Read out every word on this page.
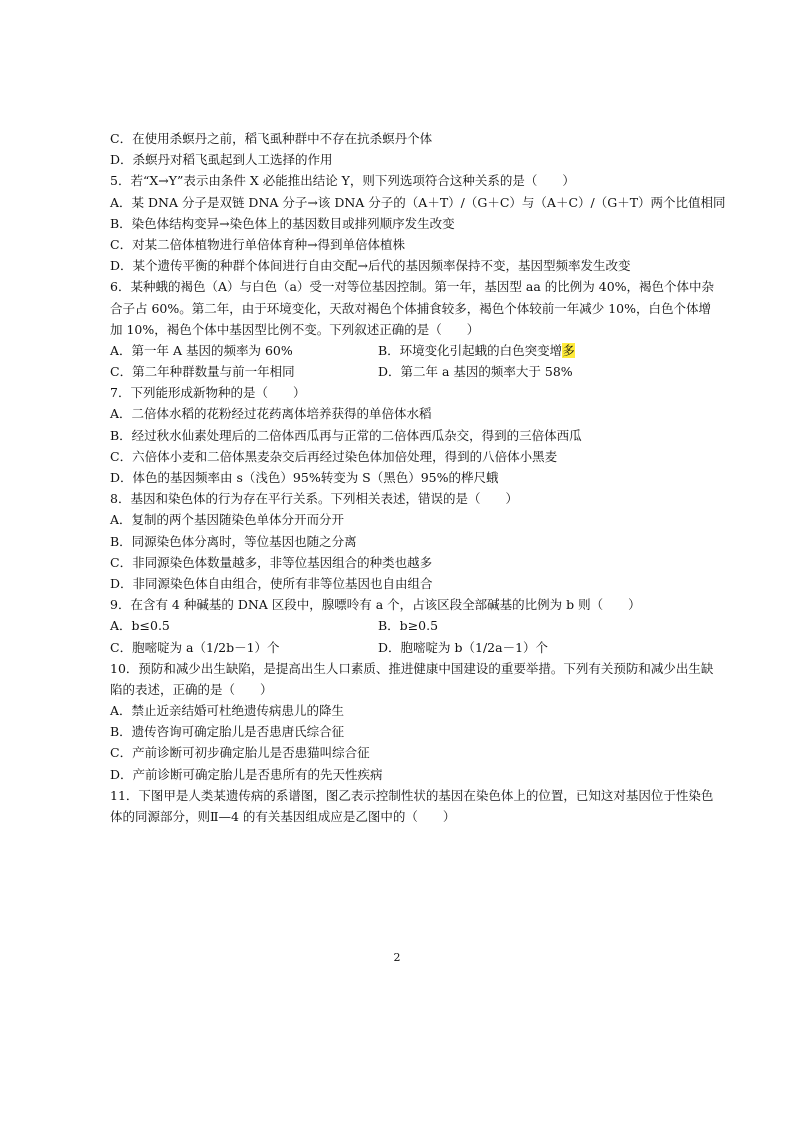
C．在使用杀螟丹之前，稻飞虱种群中不存在抗杀螟丹个体
D．杀螟丹对稻飞虱起到人工选择的作用
5．若“X→Y”表示由条件 X 必能推出结论 Y，则下列选项符合这种关系的是（　　）
A．某 DNA 分子是双链 DNA 分子→该 DNA 分子的（A＋T）/（G＋C）与（A＋C）/（G＋T）两个比值相同
B．染色体结构变异→染色体上的基因数目或排列顺序发生改变
C．对某二倍体植物进行单倍体育种→得到单倍体植株
D．某个遗传平衡的种群个体间进行自由交配→后代的基因频率保持不变，基因型频率发生改变
6．某种蛾的褐色（A）与白色（a）受一对等位基因控制。第一年，基因型 aa 的比例为 40%，褐色个体中杂
合子占 60%。第二年，由于环境变化，天敌对褐色个体捕食较多，褐色个体较前一年减少 10%，白色个体增
加 10%，褐色个体中基因型比例不变。下列叙述正确的是（　　）
A．第一年 A 基因的频率为 60%	B．环境变化引起蛾的白色突变增多
C．第二年种群数量与前一年相同	D．第二年 a 基因的频率大于 58%
7．下列能形成新物种的是（　　）
A．二倍体水稻的花粉经过花药离体培养获得的单倍体水稻
B．经过秋水仙素处理后的二倍体西瓜再与正常的二倍体西瓜杂交，得到的三倍体西瓜
C．六倍体小麦和二倍体黑麦杂交后再经过染色体加倍处理，得到的八倍体小黑麦
D．体色的基因频率由 s（浅色）95%转变为 S（黑色）95%的桦尺蛾
8．基因和染色体的行为存在平行关系。下列相关表述，错误的是（　　）
A．复制的两个基因随染色单体分开而分开
B．同源染色体分离时，等位基因也随之分离
C．非同源染色体数量越多，非等位基因组合的种类也越多
D．非同源染色体自由组合，使所有非等位基因也自由组合
9．在含有 4 种碱基的 DNA 区段中，腺嘌呤有 a 个，占该区段全部碱基的比例为 b 则（　　）
A．b≤0.5	B．b≥0.5
C．胞嘧啶为 a（1/2b－1）个	D．胞嘧啶为 b（1/2a－1）个
10．预防和减少出生缺陷，是提高出生人口素质、推进健康中国建设的重要举措。下列有关预防和减少出生缺
陷的表述，正确的是（　　）
A．禁止近亲结婚可杜绝遗传病患儿的降生
B．遗传咨询可确定胎儿是否患唐氏综合征
C．产前诊断可初步确定胎儿是否患猫叫综合征
D．产前诊断可确定胎儿是否患所有的先天性疾病
11．下图甲是人类某遗传病的系谱图，图乙表示控制性状的基因在染色体上的位置，已知这对基因位于性染色
体的同源部分，则Ⅱ—4 的有关基因组成应是乙图中的（　　）
2
